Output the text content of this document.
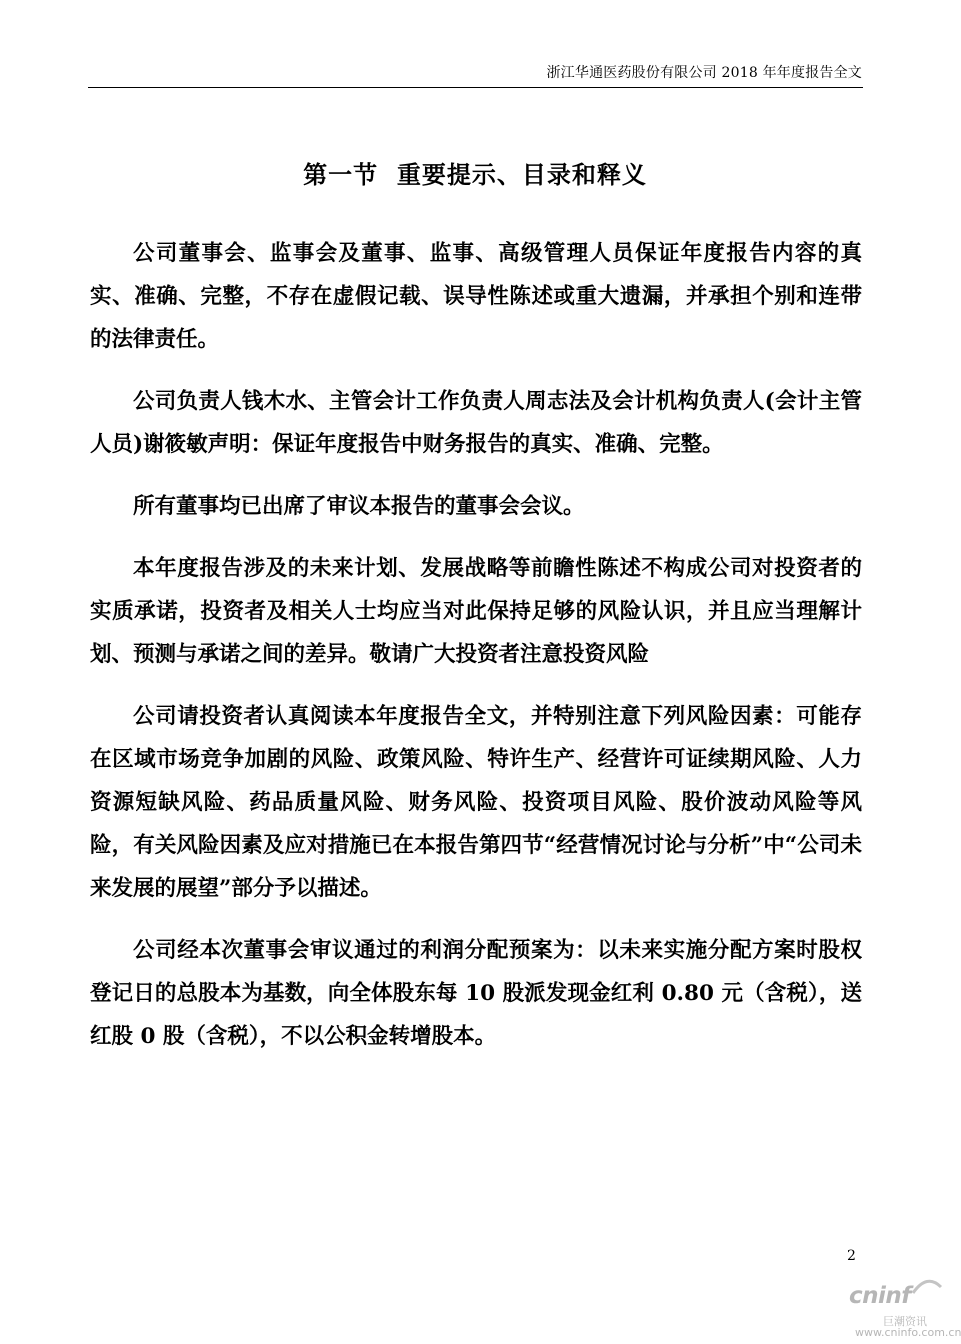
浙江华通医药股份有限公司 2018 年年度报告全文
第一节  重要提示、目录和释义

公司董事会、监事会及董事、监事、高级管理人员保证年度报告内容的真实、准确、完整，不存在虚假记载、误导性陈述或重大遗漏，并承担个别和连带的法律责任。

公司负责人钱木水、主管会计工作负责人周志法及会计机构负责人(会计主管人员)谢筱敏声明：保证年度报告中财务报告的真实、准确、完整。

所有董事均已出席了审议本报告的董事会会议。

本年度报告涉及的未来计划、发展战略等前瞻性陈述不构成公司对投资者的实质承诺，投资者及相关人士均应当对此保持足够的风险认识，并且应当理解计划、预测与承诺之间的差异。敬请广大投资者注意投资风险

公司请投资者认真阅读本年度报告全文，并特别注意下列风险因素：可能存在区域市场竞争加剧的风险、政策风险、特许生产、经营许可证续期风险、人力资源短缺风险、药品质量风险、财务风险、投资项目风险、股价波动风险等风险，有关风险因素及应对措施已在本报告第四节“经营情况讨论与分析”中“公司未来发展的展望”部分予以描述。

公司经本次董事会审议通过的利润分配预案为：以未来实施分配方案时股权登记日的总股本为基数，向全体股东每 10 股派发现金红利 0.80 元（含税），送红股 0 股（含税），不以公积金转增股本。

2
cninf
巨潮资讯
www.cninfo.com.cn
